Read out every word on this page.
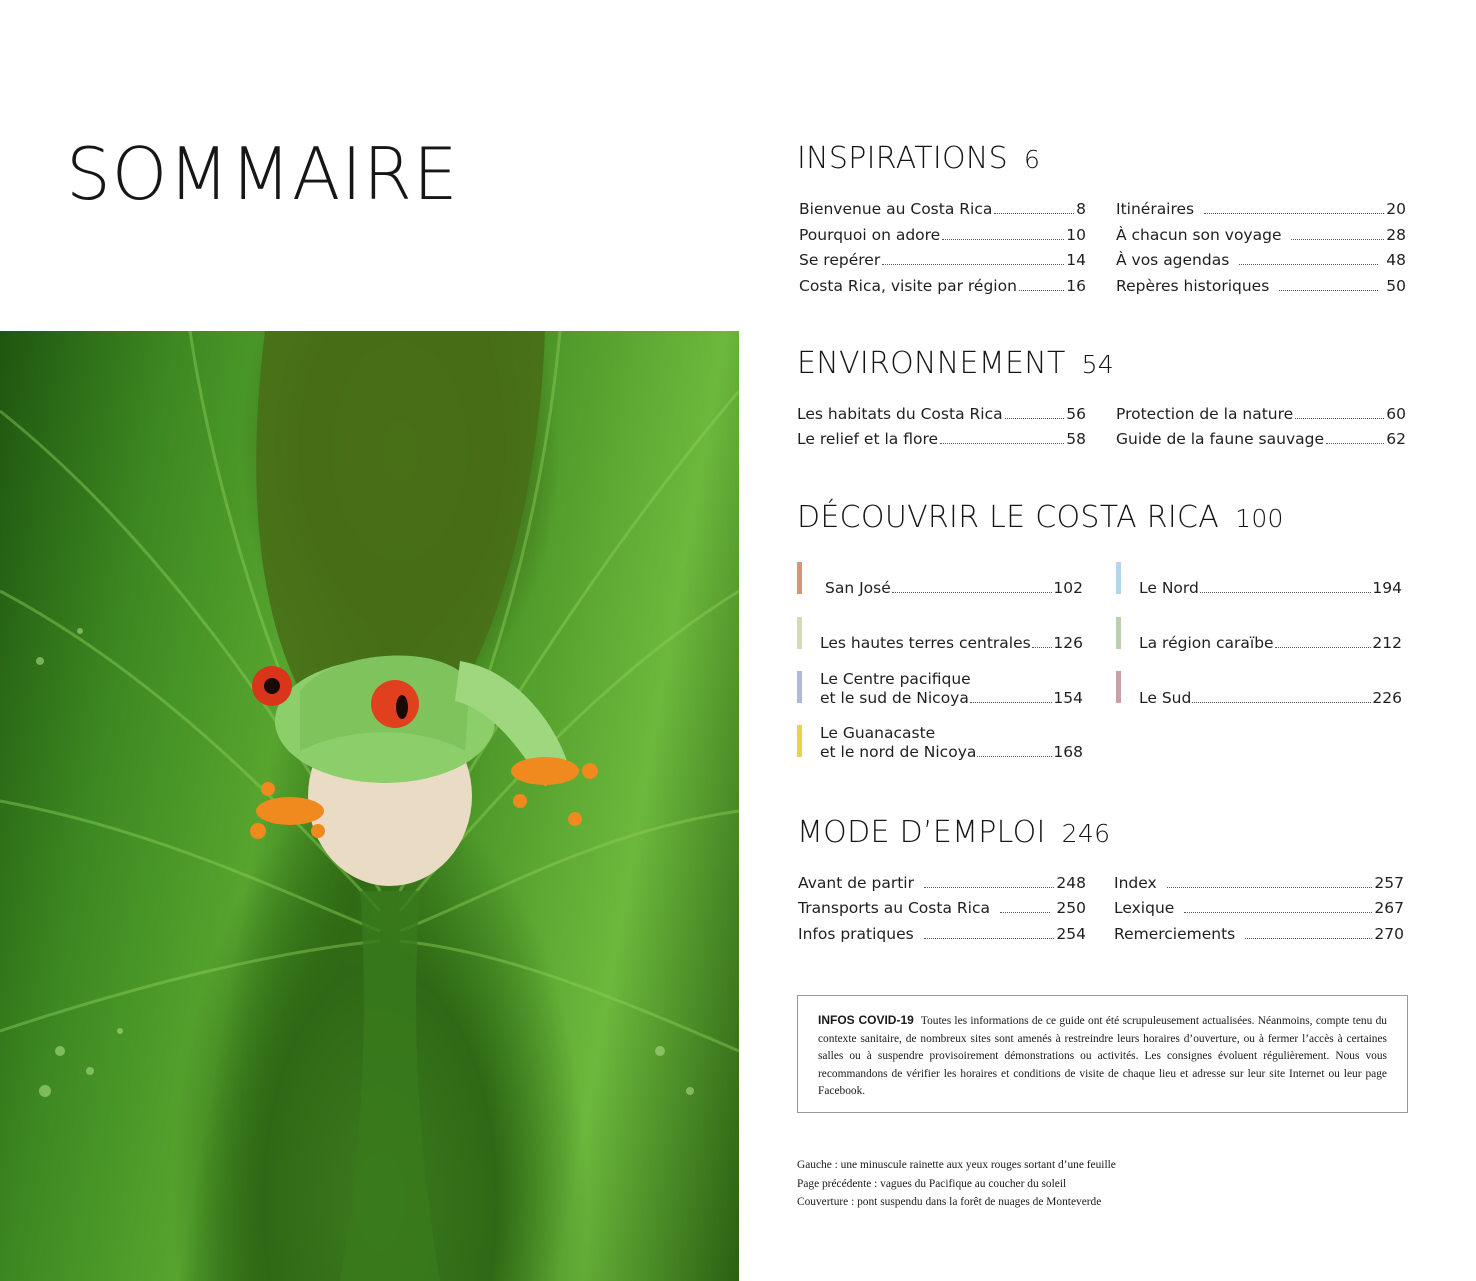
SOMMAIRE	INSPIRATIONS 6
Bienvenue au Costa Rica	8
Pourquoi on adore	10
Se repérer	14
Costa Rica, visite par région	16
Itinéraires	20
À chacun son voyage	28
À vos agendas	48
Repères historiques	50
ENVIRONNEMENT 54
Les habitats du Costa Rica	56
Le relief et la flore	58
Protection de la nature	60
Guide de la faune sauvage	62
DÉCOUVRIR LE COSTA RICA 100
San José	102
Les hautes terres centrales 126
Le Centre pacifique
et le sud de Nicoya	154
Le Guanacaste
et le nord de Nicoya	168
Le Nord	194
La région caraïbe	212
Le Sud	226
MODE D’EMPLOI 246
Avant de partir	248
Transports au Costa Rica	250
Infos pratiques	254
Index	257
Lexique	267
Remerciements	270
INFOS COVID-19 Toutes les informations de ce guide ont été scrupuleusement actualisées. Néanmoins, compte tenu du contexte sanitaire, de nombreux sites sont amenés à restreindre leurs horaires d’ouverture, ou à fermer l’accès à certaines salles ou à suspendre provisoirement démonstrations ou activités. Les consignes évoluent régulièrement. Nous vous recommandons de vérifier les horaires et conditions de visite de chaque lieu et adresse sur leur site Internet ou leur page Facebook.
Gauche : une minuscule rainette aux yeux rouges sortant d’une feuille
Page précédente : vagues du Pacifique au coucher du soleil
Couverture : pont suspendu dans la forêt de nuages de Monteverde
